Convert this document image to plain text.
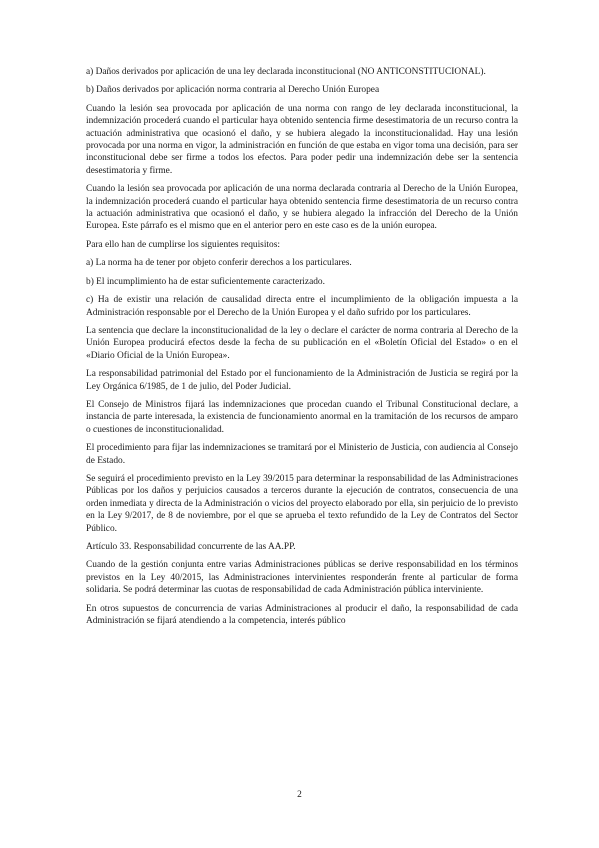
a) Daños derivados por aplicación de una ley declarada inconstitucional (NO ANTICONSTITUCIONAL).

b) Daños derivados por aplicación norma contraria al Derecho Unión Europea

Cuando la lesión sea provocada por aplicación de una norma con rango de ley declarada inconstitucional, la indemnización procederá cuando el particular haya obtenido sentencia firme desestimatoria de un recurso contra la actuación administrativa que ocasionó el daño, y se hubiera alegado la inconstitucionalidad. Hay una lesión provocada por una norma en vigor, la administración en función de que estaba en vigor toma una decisión, para ser inconstitucional debe ser firme a todos los efectos. Para poder pedir una indemnización debe ser la sentencia desestimatoria y firme.

Cuando la lesión sea provocada por aplicación de una norma declarada contraria al Derecho de la Unión Europea, la indemnización procederá cuando el particular haya obtenido sentencia firme desestimatoria de un recurso contra la actuación administrativa que ocasionó el daño, y se hubiera alegado la infracción del Derecho de la Unión Europea. Este párrafo es el mismo que en el anterior pero en este caso es de la unión europea.

Para ello han de cumplirse los siguientes requisitos:

a) La norma ha de tener por objeto conferir derechos a los particulares.

b) El incumplimiento ha de estar suficientemente caracterizado.

c) Ha de existir una relación de causalidad directa entre el incumplimiento de la obligación impuesta a la Administración responsable por el Derecho de la Unión Europea y el daño sufrido por los particulares.

La sentencia que declare la inconstitucionalidad de la ley o declare el carácter de norma contraria al Derecho de la Unión Europea producirá efectos desde la fecha de su publicación en el «Boletín Oficial del Estado» o en el «Diario Oficial de la Unión Europea».

La responsabilidad patrimonial del Estado por el funcionamiento de la Administración de Justicia se regirá por la Ley Orgánica 6/1985, de 1 de julio, del Poder Judicial.

El Consejo de Ministros fijará las indemnizaciones que procedan cuando el Tribunal Constitucional declare, a instancia de parte interesada, la existencia de funcionamiento anormal en la tramitación de los recursos de amparo o cuestiones de inconstitucionalidad.

El procedimiento para fijar las indemnizaciones se tramitará por el Ministerio de Justicia, con audiencia al Consejo de Estado.

Se seguirá el procedimiento previsto en la Ley 39/2015 para determinar la responsabilidad de las Administraciones Públicas por los daños y perjuicios causados a terceros durante la ejecución de contratos, consecuencia de una orden inmediata y directa de la Administración o vicios del proyecto elaborado por ella, sin perjuicio de lo previsto en la Ley 9/2017, de 8 de noviembre, por el que se aprueba el texto refundido de la Ley de Contratos del Sector Público.

Artículo 33. Responsabilidad concurrente de las AA.PP.

Cuando de la gestión conjunta entre varias Administraciones públicas se derive responsabilidad en los términos previstos en la Ley 40/2015, las Administraciones intervinientes responderán frente al particular de forma solidaria. Se podrá determinar las cuotas de responsabilidad de cada Administración pública interviniente.

En otros supuestos de concurrencia de varias Administraciones al producir el daño, la responsabilidad de cada Administración se fijará atendiendo a la competencia, interés público

2
